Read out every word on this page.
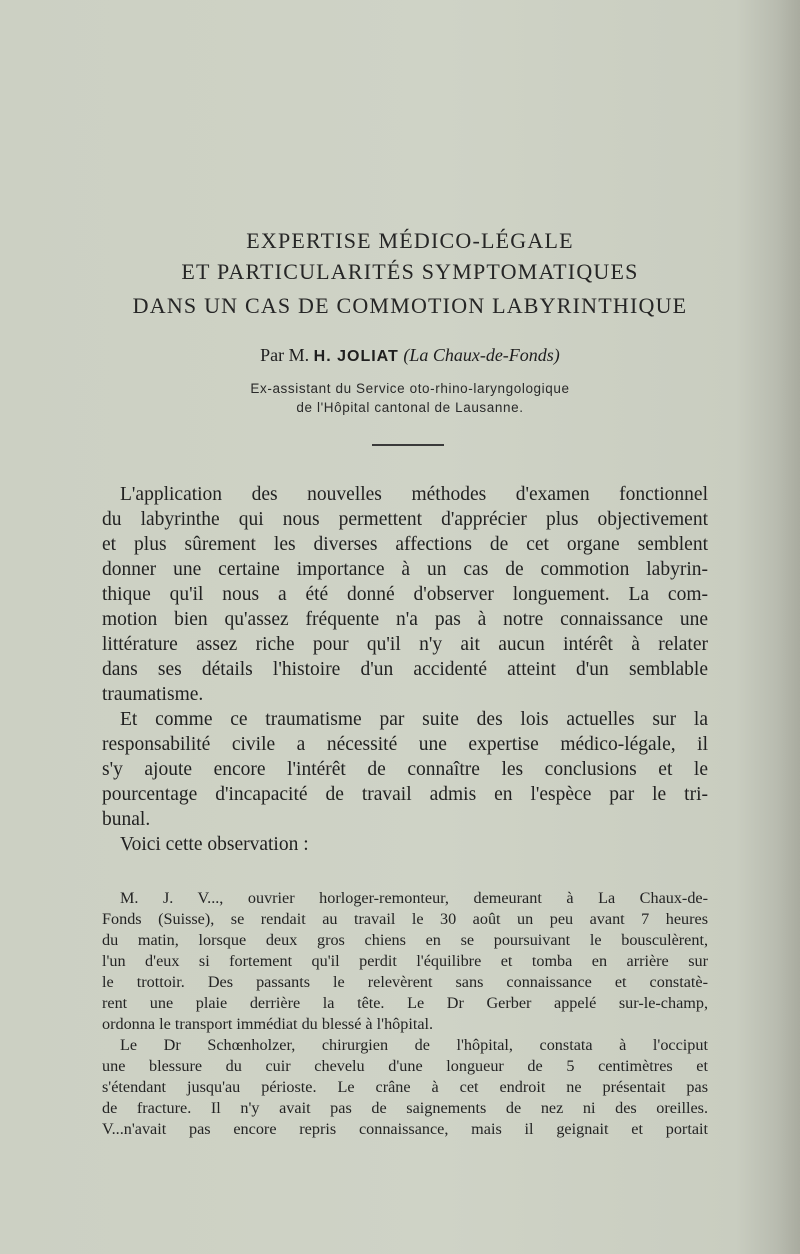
EXPERTISE MÉDICO-LÉGALE
ET PARTICULARITÉS SYMPTOMATIQUES
DANS UN CAS DE COMMOTION LABYRINTHIQUE
Par M. H. JOLIAT (La Chaux-de-Fonds)
Ex-assistant du Service oto-rhino-laryngologique
de l'Hôpital cantonal de Lausanne.
L'application des nouvelles méthodes d'examen fonctionnel
du labyrinthe qui nous permettent d'apprécier plus objectivement
et plus sûrement les diverses affections de cet organe semblent
donner une certaine importance à un cas de commotion labyrin-
thique qu'il nous a été donné d'observer longuement. La com-
motion bien qu'assez fréquente n'a pas à notre connaissance une
littérature assez riche pour qu'il n'y ait aucun intérêt à relater
dans ses détails l'histoire d'un accidenté atteint d'un semblable
traumatisme.
Et comme ce traumatisme par suite des lois actuelles sur la
responsabilité civile a nécessité une expertise médico-légale, il
s'y ajoute encore l'intérêt de connaître les conclusions et le
pourcentage d'incapacité de travail admis en l'espèce par le tri-
bunal.
Voici cette observation :
M. J. V..., ouvrier horloger-remonteur, demeurant à La Chaux-de-
Fonds (Suisse), se rendait au travail le 30 août un peu avant 7 heures
du matin, lorsque deux gros chiens en se poursuivant le bousculèrent,
l'un d'eux si fortement qu'il perdit l'équilibre et tomba en arrière sur
le trottoir. Des passants le relevèrent sans connaissance et constatè-
rent une plaie derrière la tête. Le Dr Gerber appelé sur-le-champ,
ordonna le transport immédiat du blessé à l'hôpital.
Le Dr Schœnholzer, chirurgien de l'hôpital, constata à l'occiput
une blessure du cuir chevelu d'une longueur de 5 centimètres et
s'étendant jusqu'au périoste. Le crâne à cet endroit ne présentait pas
de fracture. Il n'y avait pas de saignements de nez ni des oreilles.
V...n'avait pas encore repris connaissance, mais il geignait et portait
